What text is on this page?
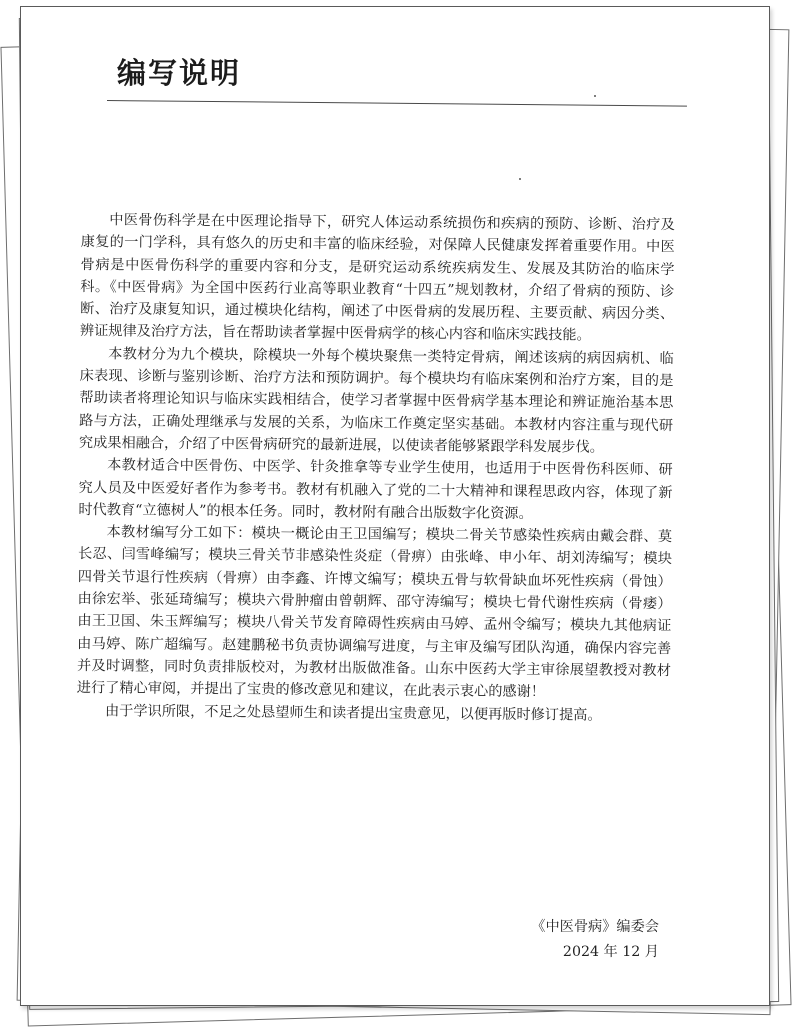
编写说明

中医骨伤科学是在中医理论指导下，研究人体运动系统损伤和疾病的预防、诊断、治疗及康复的一门学科，具有悠久的历史和丰富的临床经验，对保障人民健康发挥着重要作用。中医骨病是中医骨伤科学的重要内容和分支，是研究运动系统疾病发生、发展及其防治的临床学科。《中医骨病》为全国中医药行业高等职业教育“十四五”规划教材，介绍了骨病的预防、诊断、治疗及康复知识，通过模块化结构，阐述了中医骨病的发展历程、主要贡献、病因分类、辨证规律及治疗方法，旨在帮助读者掌握中医骨病学的核心内容和临床实践技能。

本教材分为九个模块，除模块一外每个模块聚焦一类特定骨病，阐述该病的病因病机、临床表现、诊断与鉴别诊断、治疗方法和预防调护。每个模块均有临床案例和治疗方案，目的是帮助读者将理论知识与临床实践相结合，使学习者掌握中医骨病学基本理论和辨证施治基本思路与方法，正确处理继承与发展的关系，为临床工作奠定坚实基础。本教材内容注重与现代研究成果相融合，介绍了中医骨病研究的最新进展，以使读者能够紧跟学科发展步伐。

本教材适合中医骨伤、中医学、针灸推拿等专业学生使用，也适用于中医骨伤科医师、研究人员及中医爱好者作为参考书。教材有机融入了党的二十大精神和课程思政内容，体现了新时代教育“立德树人”的根本任务。同时，教材附有融合出版数字化资源。

本教材编写分工如下：模块一概论由王卫国编写；模块二骨关节感染性疾病由戴会群、莫长忍、闫雪峰编写；模块三骨关节非感染性炎症（骨痹）由张峰、申小年、胡刘涛编写；模块四骨关节退行性疾病（骨痹）由李鑫、许博文编写；模块五骨与软骨缺血坏死性疾病（骨蚀）由徐宏举、张延琦编写；模块六骨肿瘤由曾朝辉、邵守涛编写；模块七骨代谢性疾病（骨痿）由王卫国、朱玉辉编写；模块八骨关节发育障碍性疾病由马婷、孟州令编写；模块九其他病证由马婷、陈广超编写。赵建鹏秘书负责协调编写进度，与主审及编写团队沟通，确保内容完善并及时调整，同时负责排版校对，为教材出版做准备。山东中医药大学主审徐展望教授对教材进行了精心审阅，并提出了宝贵的修改意见和建议，在此表示衷心的感谢！

由于学识所限，不足之处恳望师生和读者提出宝贵意见，以便再版时修订提高。

《中医骨病》编委会
2024 年 12 月
